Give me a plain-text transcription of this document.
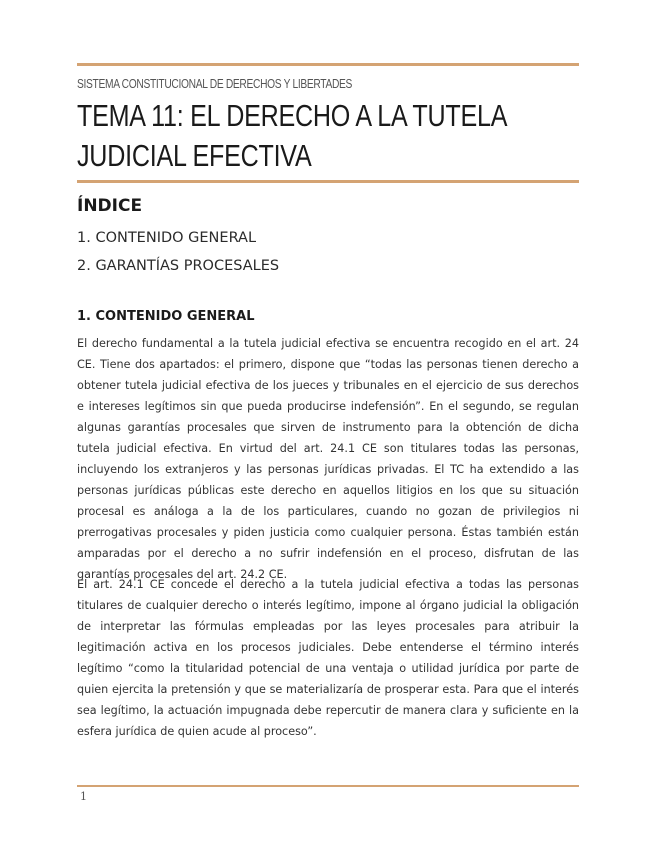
SISTEMA CONSTITUCIONAL DE DERECHOS Y LIBERTADES
TEMA 11: EL DERECHO A LA TUTELA JUDICIAL EFECTIVA
ÍNDICE
1. CONTENIDO GENERAL
2. GARANTÍAS PROCESALES
1. CONTENIDO GENERAL

El derecho fundamental a la tutela judicial efectiva se encuentra recogido en el art. 24 CE. Tiene dos apartados: el primero, dispone que “todas las personas tienen derecho a obtener tutela judicial efectiva de los jueces y tribunales en el ejercicio de sus derechos e intereses legítimos sin que pueda producirse indefensión”. En el segundo, se regulan algunas garantías procesales que sirven de instrumento para la obtención de dicha tutela judicial efectiva. En virtud del art. 24.1 CE son titulares todas las personas, incluyendo los extranjeros y las personas jurídicas privadas. El TC ha extendido a las personas jurídicas públicas este derecho en aquellos litigios en los que su situación procesal es análoga a la de los particulares, cuando no gozan de privilegios ni prerrogativas procesales y piden justicia como cualquier persona. Éstas también están amparadas por el derecho a no sufrir indefensión en el proceso, disfrutan de las garantías procesales del art. 24.2 CE.

El art. 24.1 CE concede el derecho a la tutela judicial efectiva a todas las personas titulares de cualquier derecho o interés legítimo, impone al órgano judicial la obligación de interpretar las fórmulas empleadas por las leyes procesales para atribuir la legitimación activa en los procesos judiciales. Debe entenderse el término interés legítimo “como la titularidad potencial de una ventaja o utilidad jurídica por parte de quien ejercita la pretensión y que se materializaría de prosperar esta. Para que el interés sea legítimo, la actuación impugnada debe repercutir de manera clara y suficiente en la esfera jurídica de quien acude al proceso”.

1
